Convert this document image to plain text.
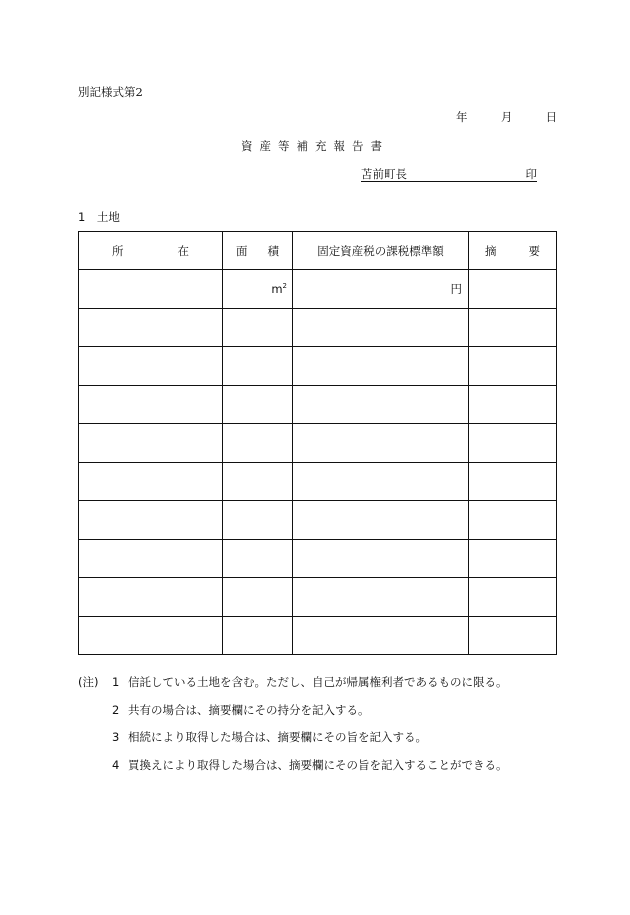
別記様式第2
年	月	日
資産等補充報告書
苫前町長	印
1　土地
所 在	面 積	固定資産税の課税標準額	摘 要

	$m^2$	円	

(注)	1 信託している土地を含む。ただし、自己が帰属権利者であるものに限る。
2 共有の場合は、摘要欄にその持分を記入する。
3 相続により取得した場合は、摘要欄にその旨を記入する。
4 買換えにより取得した場合は、摘要欄にその旨を記入することができる。
